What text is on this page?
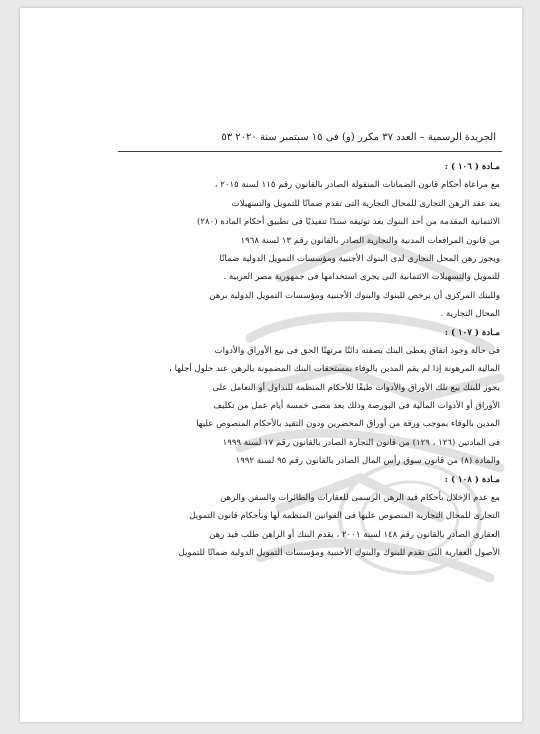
الجريدة الرسمية – العدد ٣٧ مكرر (و) فى ١٥ سبتمبر سنة ٢٠٢٠ ٥٣
مـادة ( ١٠٦ ) :
مع مراعاة أحكام قانون الضمانات المنقولة الصادر بالقانون رقم ١١٥ لسنة ٢٠١٥ ،
يعد عقد الرهن التجارى للمحال التجارية التى تقدم ضمانًا للتمويل والتسهيلات
الائتمانية المقدمة من أحد البنوك بعد توثيقه سندًا تنفيذيًا فى تطبيق أحكام المادة (٢٨٠)
من قانون المرافعات المدنية والتجارية الصادر بالقانون رقم ١٣ لسنة ١٩٦٨
ويجوز رهن المحل التجارى لدى البنوك الأجنبية ومؤسسات التمويل الدولية ضمانًا
للتمويل والتسهيلات الائتمانية التى يجرى استخدامها فى جمهورية مصر العربية .
وللبنك المركزى أن يرخص للبنوك والبنوك الأجنبية ومؤسسات التمويل الدولية برهن
المحال التجارية .
مـادة ( ١٠٧ ) :
فى حالة وجود اتفاق يعطى البنك بصفته دائنًا مرتهنًا الحق فى بيع الأوراق والأدوات
المالية المرهونة إذا لم يقم المدين بالوفاء بمستحقات البنك المضمونة بالرهن عند حلول أجلها ،
يجوز للبنك بيع تلك الأوراق والأدوات طبقًا للأحكام المنظمة للتداول أو التعامل على
الأوراق أو الأدوات المالية فى البورصة وذلك بعد مضى خمسة أيام عمل من تكليف
المدين بالوفاء بموجب ورقة من أوراق المحضرين ودون التقيد بالأحكام المنصوص عليها
فى المادتين (١٢٦ ، ١٢٩) من قانون التجارة الصادر بالقانون رقم ١٧ لسنة ١٩٩٩
والمادة (٨) من قانون سوق رأس المال الصادر بالقانون رقم ٩٥ لسنة ١٩٩٢
مـادة ( ١٠٨ ) :
مع عدم الإخلال بأحكام قيد الرهن الرسمى للعقارات والطائرات والسفن والرهن
التجارى للمحال التجارية المنصوص عليها فى القوانين المنظمة لها وبأحكام قانون التمويل
العقارى الصادر بالقانون رقم ١٤٨ لسنة ٢٠٠١ ، يقدم البنك أو الراهن طلب قيد رهن
الأصول العقارية التى تقدم للبنوك والبنوك الأجنبية ومؤسسات التمويل الدولية ضمانًا للتمويل
